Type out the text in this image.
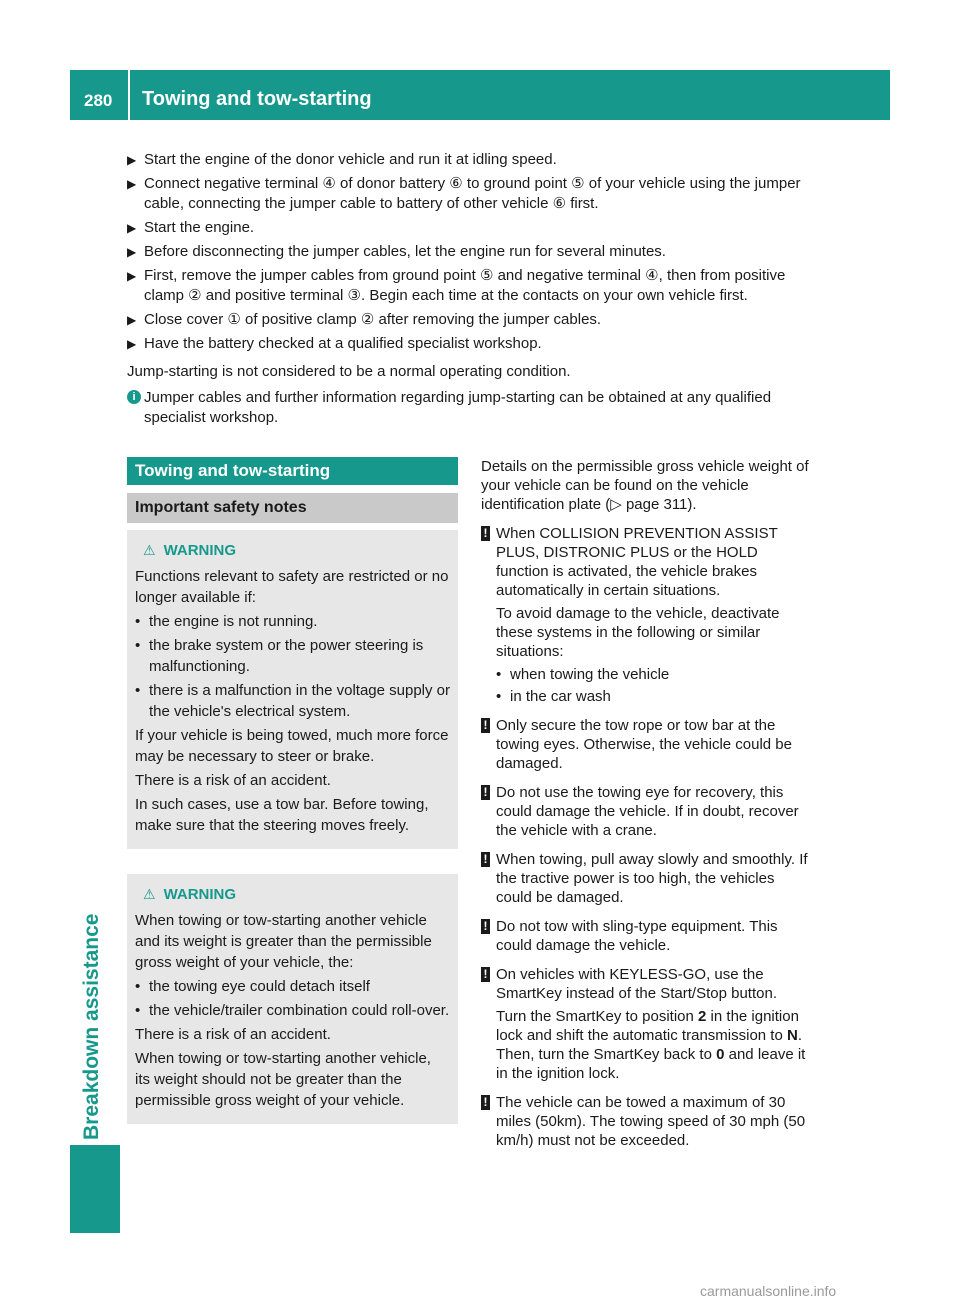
280 Towing and tow-starting
Breakdown assistance
▶ Start the engine of the donor vehicle and run it at idling speed.
▶ Connect negative terminal ④ of donor battery ⑥ to ground point ⑤ of your vehicle using the jumper cable, connecting the jumper cable to battery of other vehicle ⑥ first.
▶ Start the engine.
▶ Before disconnecting the jumper cables, let the engine run for several minutes.
▶ First, remove the jumper cables from ground point ⑤ and negative terminal ④, then from positive clamp ② and positive terminal ③. Begin each time at the contacts on your own vehicle first.
▶ Close cover ① of positive clamp ② after removing the jumper cables.
▶ Have the battery checked at a qualified specialist workshop.
Jump-starting is not considered to be a normal operating condition.
i Jumper cables and further information regarding jump-starting can be obtained at any qualified specialist workshop.
Towing and tow-starting
Important safety notes
⚠ WARNING

Functions relevant to safety are restricted or no longer available if:

• the engine is not running.
• the brake system or the power steering is malfunctioning.
• there is a malfunction in the voltage supply or the vehicle's electrical system.

If your vehicle is being towed, much more force may be necessary to steer or brake.

There is a risk of an accident.

In such cases, use a tow bar. Before towing, make sure that the steering moves freely.

⚠ WARNING

When towing or tow-starting another vehicle and its weight is greater than the permissible gross weight of your vehicle, the:

• the towing eye could detach itself
• the vehicle/trailer combination could roll-over.

There is a risk of an accident.

When towing or tow-starting another vehicle, its weight should not be greater than the permissible gross weight of your vehicle.

Details on the permissible gross vehicle weight of your vehicle can be found on the vehicle identification plate (▷ page 311).

! When COLLISION PREVENTION ASSIST PLUS, DISTRONIC PLUS or the HOLD function is activated, the vehicle brakes automatically in certain situations.

To avoid damage to the vehicle, deactivate these systems in the following or similar situations:

• when towing the vehicle
• in the car wash
! Only secure the tow rope or tow bar at the towing eyes. Otherwise, the vehicle could be damaged.

! Do not use the towing eye for recovery, this could damage the vehicle. If in doubt, recover the vehicle with a crane.

! When towing, pull away slowly and smoothly. If the tractive power is too high, the vehicles could be damaged.

! Do not tow with sling-type equipment. This could damage the vehicle.

! On vehicles with KEYLESS-GO, use the SmartKey instead of the Start/Stop button.

Turn the SmartKey to position 2 in the ignition lock and shift the automatic transmission to N. Then, turn the SmartKey back to 0 and leave it in the ignition lock.

! The vehicle can be towed a maximum of 30 miles (50km). The towing speed of 30 mph (50 km/h) must not be exceeded.

carmanualsonline.info
